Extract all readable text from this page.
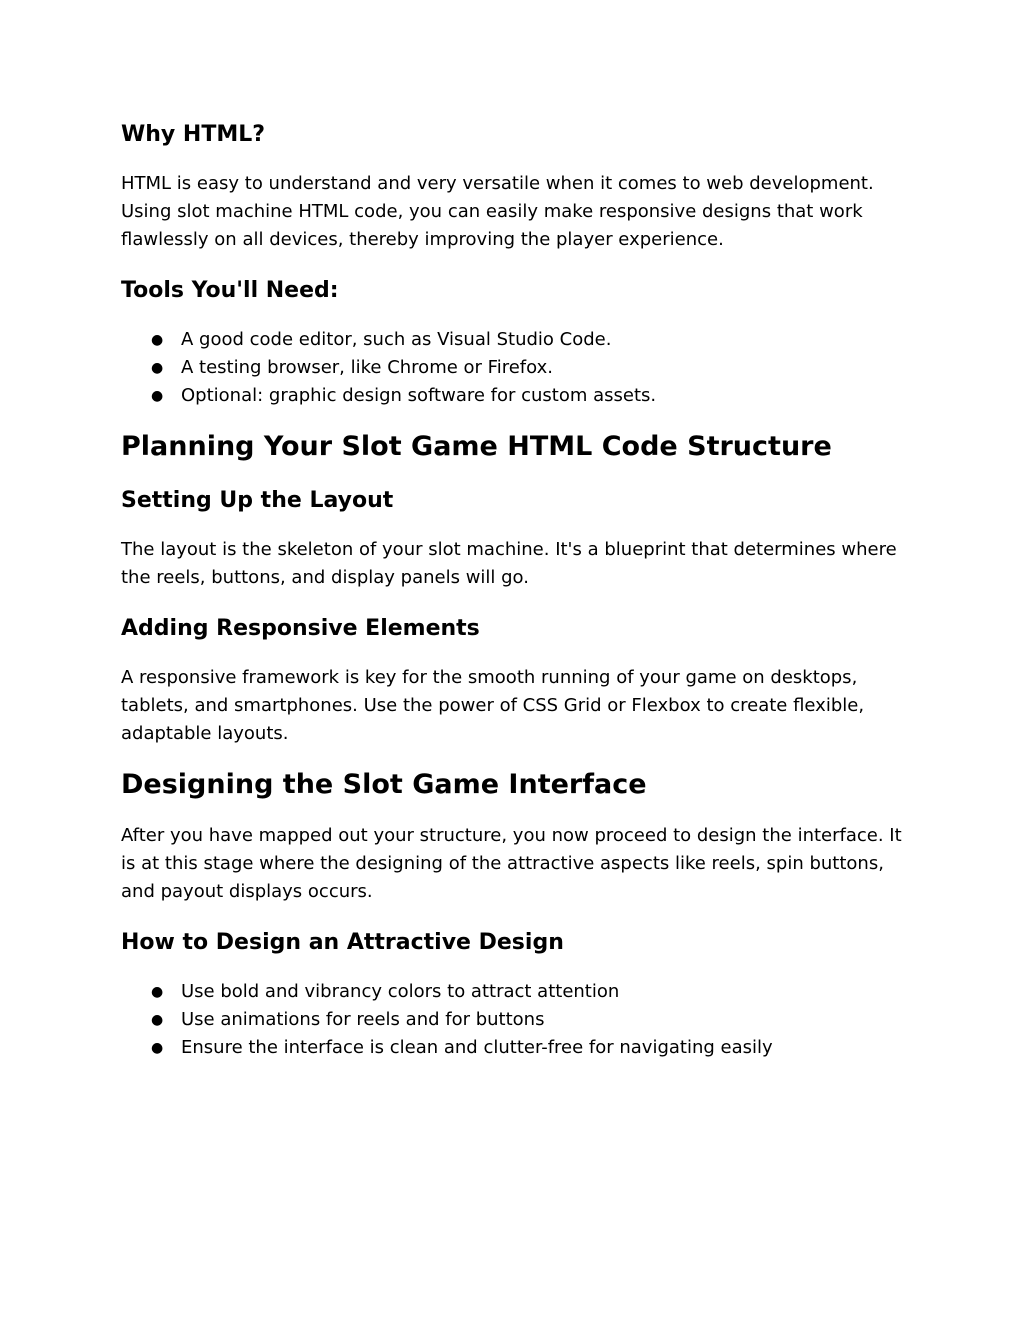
Why HTML?

HTML is easy to understand and very versatile when it comes to web development. Using slot machine HTML code, you can easily make responsive designs that work flawlessly on all devices, thereby improving the player experience.

Tools You'll Need:
● A good code editor, such as Visual Studio Code.
● A testing browser, like Chrome or Firefox.
● Optional: graphic design software for custom assets.
Planning Your Slot Game HTML Code Structure
Setting Up the Layout

The layout is the skeleton of your slot machine. It's a blueprint that determines where the reels, buttons, and display panels will go.

Adding Responsive Elements

A responsive framework is key for the smooth running of your game on desktops, tablets, and smartphones. Use the power of CSS Grid or Flexbox to create flexible, adaptable layouts.

Designing the Slot Game Interface

After you have mapped out your structure, you now proceed to design the interface. It is at this stage where the designing of the attractive aspects like reels, spin buttons, and payout displays occurs.

How to Design an Attractive Design
● Use bold and vibrancy colors to attract attention
● Use animations for reels and for buttons
● Ensure the interface is clean and clutter-free for navigating easily
